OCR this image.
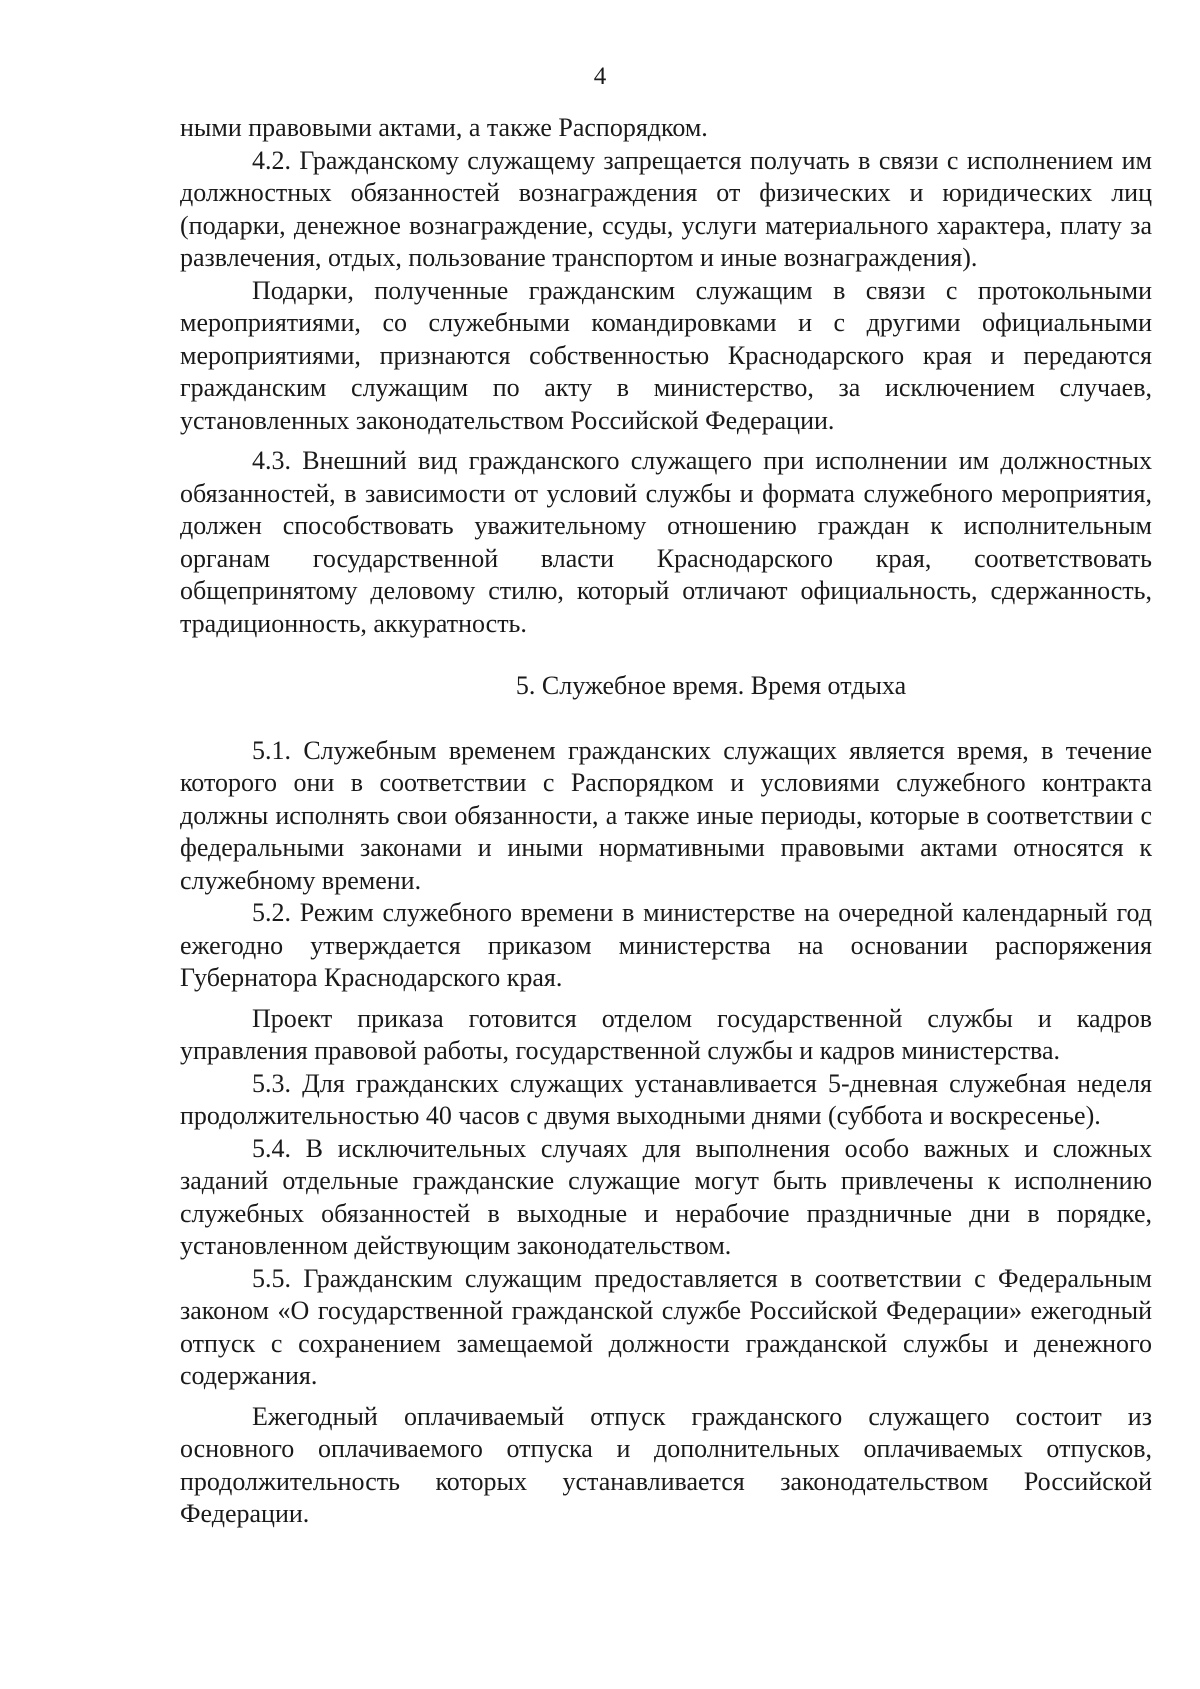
4

ными правовыми актами, а также Распорядком.

4.2. Гражданскому служащему запрещается получать в связи с исполнением им должностных обязанностей вознаграждения от физических и юридических лиц (подарки, денежное вознаграждение, ссуды, услуги материального характера, плату за развлечения, отдых, пользование транспортом и иные вознаграждения).

Подарки, полученные гражданским служащим в связи с протокольными мероприятиями, со служебными командировками и с другими официальными мероприятиями, признаются собственностью Краснодарского края и передаются гражданским служащим по акту в министерство, за исключением случаев, установленных законодательством Российской Федерации.

4.3. Внешний вид гражданского служащего при исполнении им должностных обязанностей, в зависимости от условий службы и формата служебного мероприятия, должен способствовать уважительному отношению граждан к исполнительным органам государственной власти Краснодарского края, соответствовать общепринятому деловому стилю, который отличают официальность, сдержанность, традиционность, аккуратность.

5. Служебное время. Время отдыха

5.1. Служебным временем гражданских служащих является время, в течение которого они в соответствии с Распорядком и условиями служебного контракта должны исполнять свои обязанности, а также иные периоды, которые в соответствии с федеральными законами и иными нормативными правовыми актами относятся к служебному времени.

5.2. Режим служебного времени в министерстве на очередной календарный год ежегодно утверждается приказом министерства на основании распоряжения Губернатора Краснодарского края.

Проект приказа готовится отделом государственной службы и кадров управления правовой работы, государственной службы и кадров министерства.

5.3. Для гражданских служащих устанавливается 5-дневная служебная неделя продолжительностью 40 часов с двумя выходными днями (суббота и воскресенье).

5.4. В исключительных случаях для выполнения особо важных и сложных заданий отдельные гражданские служащие могут быть привлечены к исполнению служебных обязанностей в выходные и нерабочие праздничные дни в порядке, установленном действующим законодательством.

5.5. Гражданским служащим предоставляется в соответствии с Федеральным законом «О государственной гражданской службе Российской Федерации» ежегодный отпуск с сохранением замещаемой должности гражданской службы и денежного содержания.

Ежегодный оплачиваемый отпуск гражданского служащего состоит из основного оплачиваемого отпуска и дополнительных оплачиваемых отпусков, продолжительность которых устанавливается законодательством Российской Федерации.
